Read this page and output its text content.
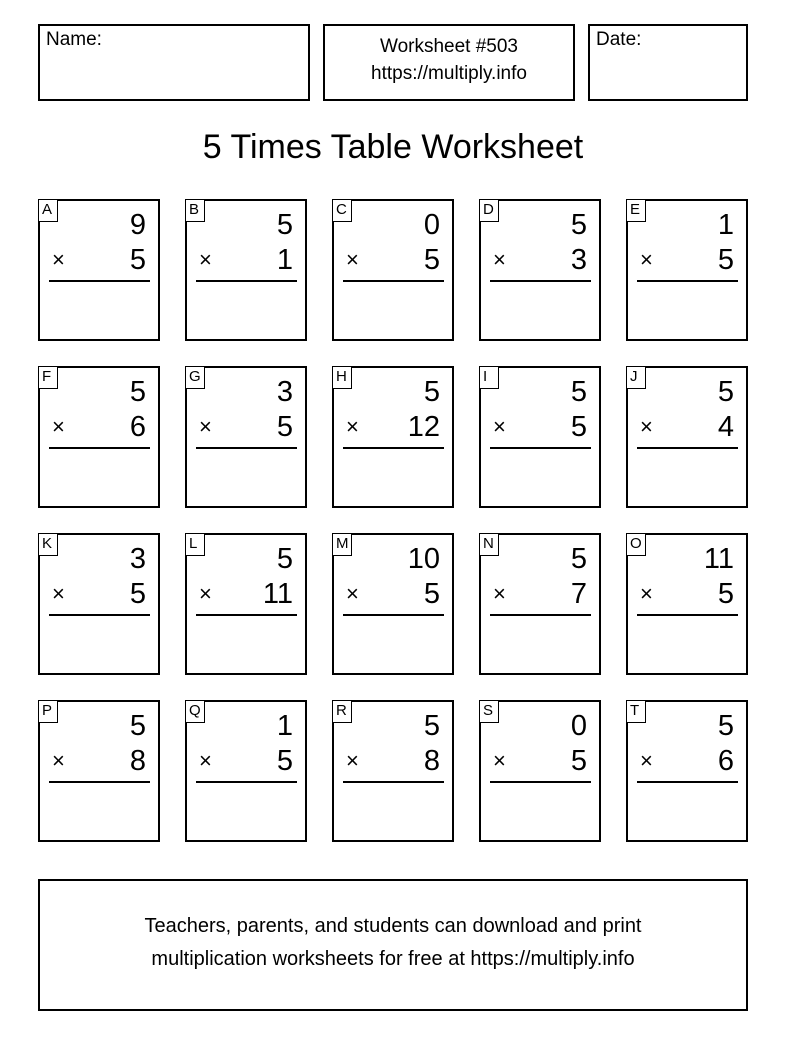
Name:	Worksheet #503
https://multiply.info
Date:
5 Times Table Worksheet
A	9
× 5
B	5
× 1
C	0
× 5
D	5
× 3
E	1
× 5
F	5
× 6
G	3
× 5
H	5
× 12
I	5
× 5
J	5
× 4
K	3
× 5
L	5
× 11
M 10
× 5
N	5
× 7
O 11
× 5
P	5
× 8
Q	1
× 5
R	5
× 8
S	0
× 5
T	5
× 6
Teachers, parents, and students can download and print
multiplication worksheets for free at https://multiply.info
